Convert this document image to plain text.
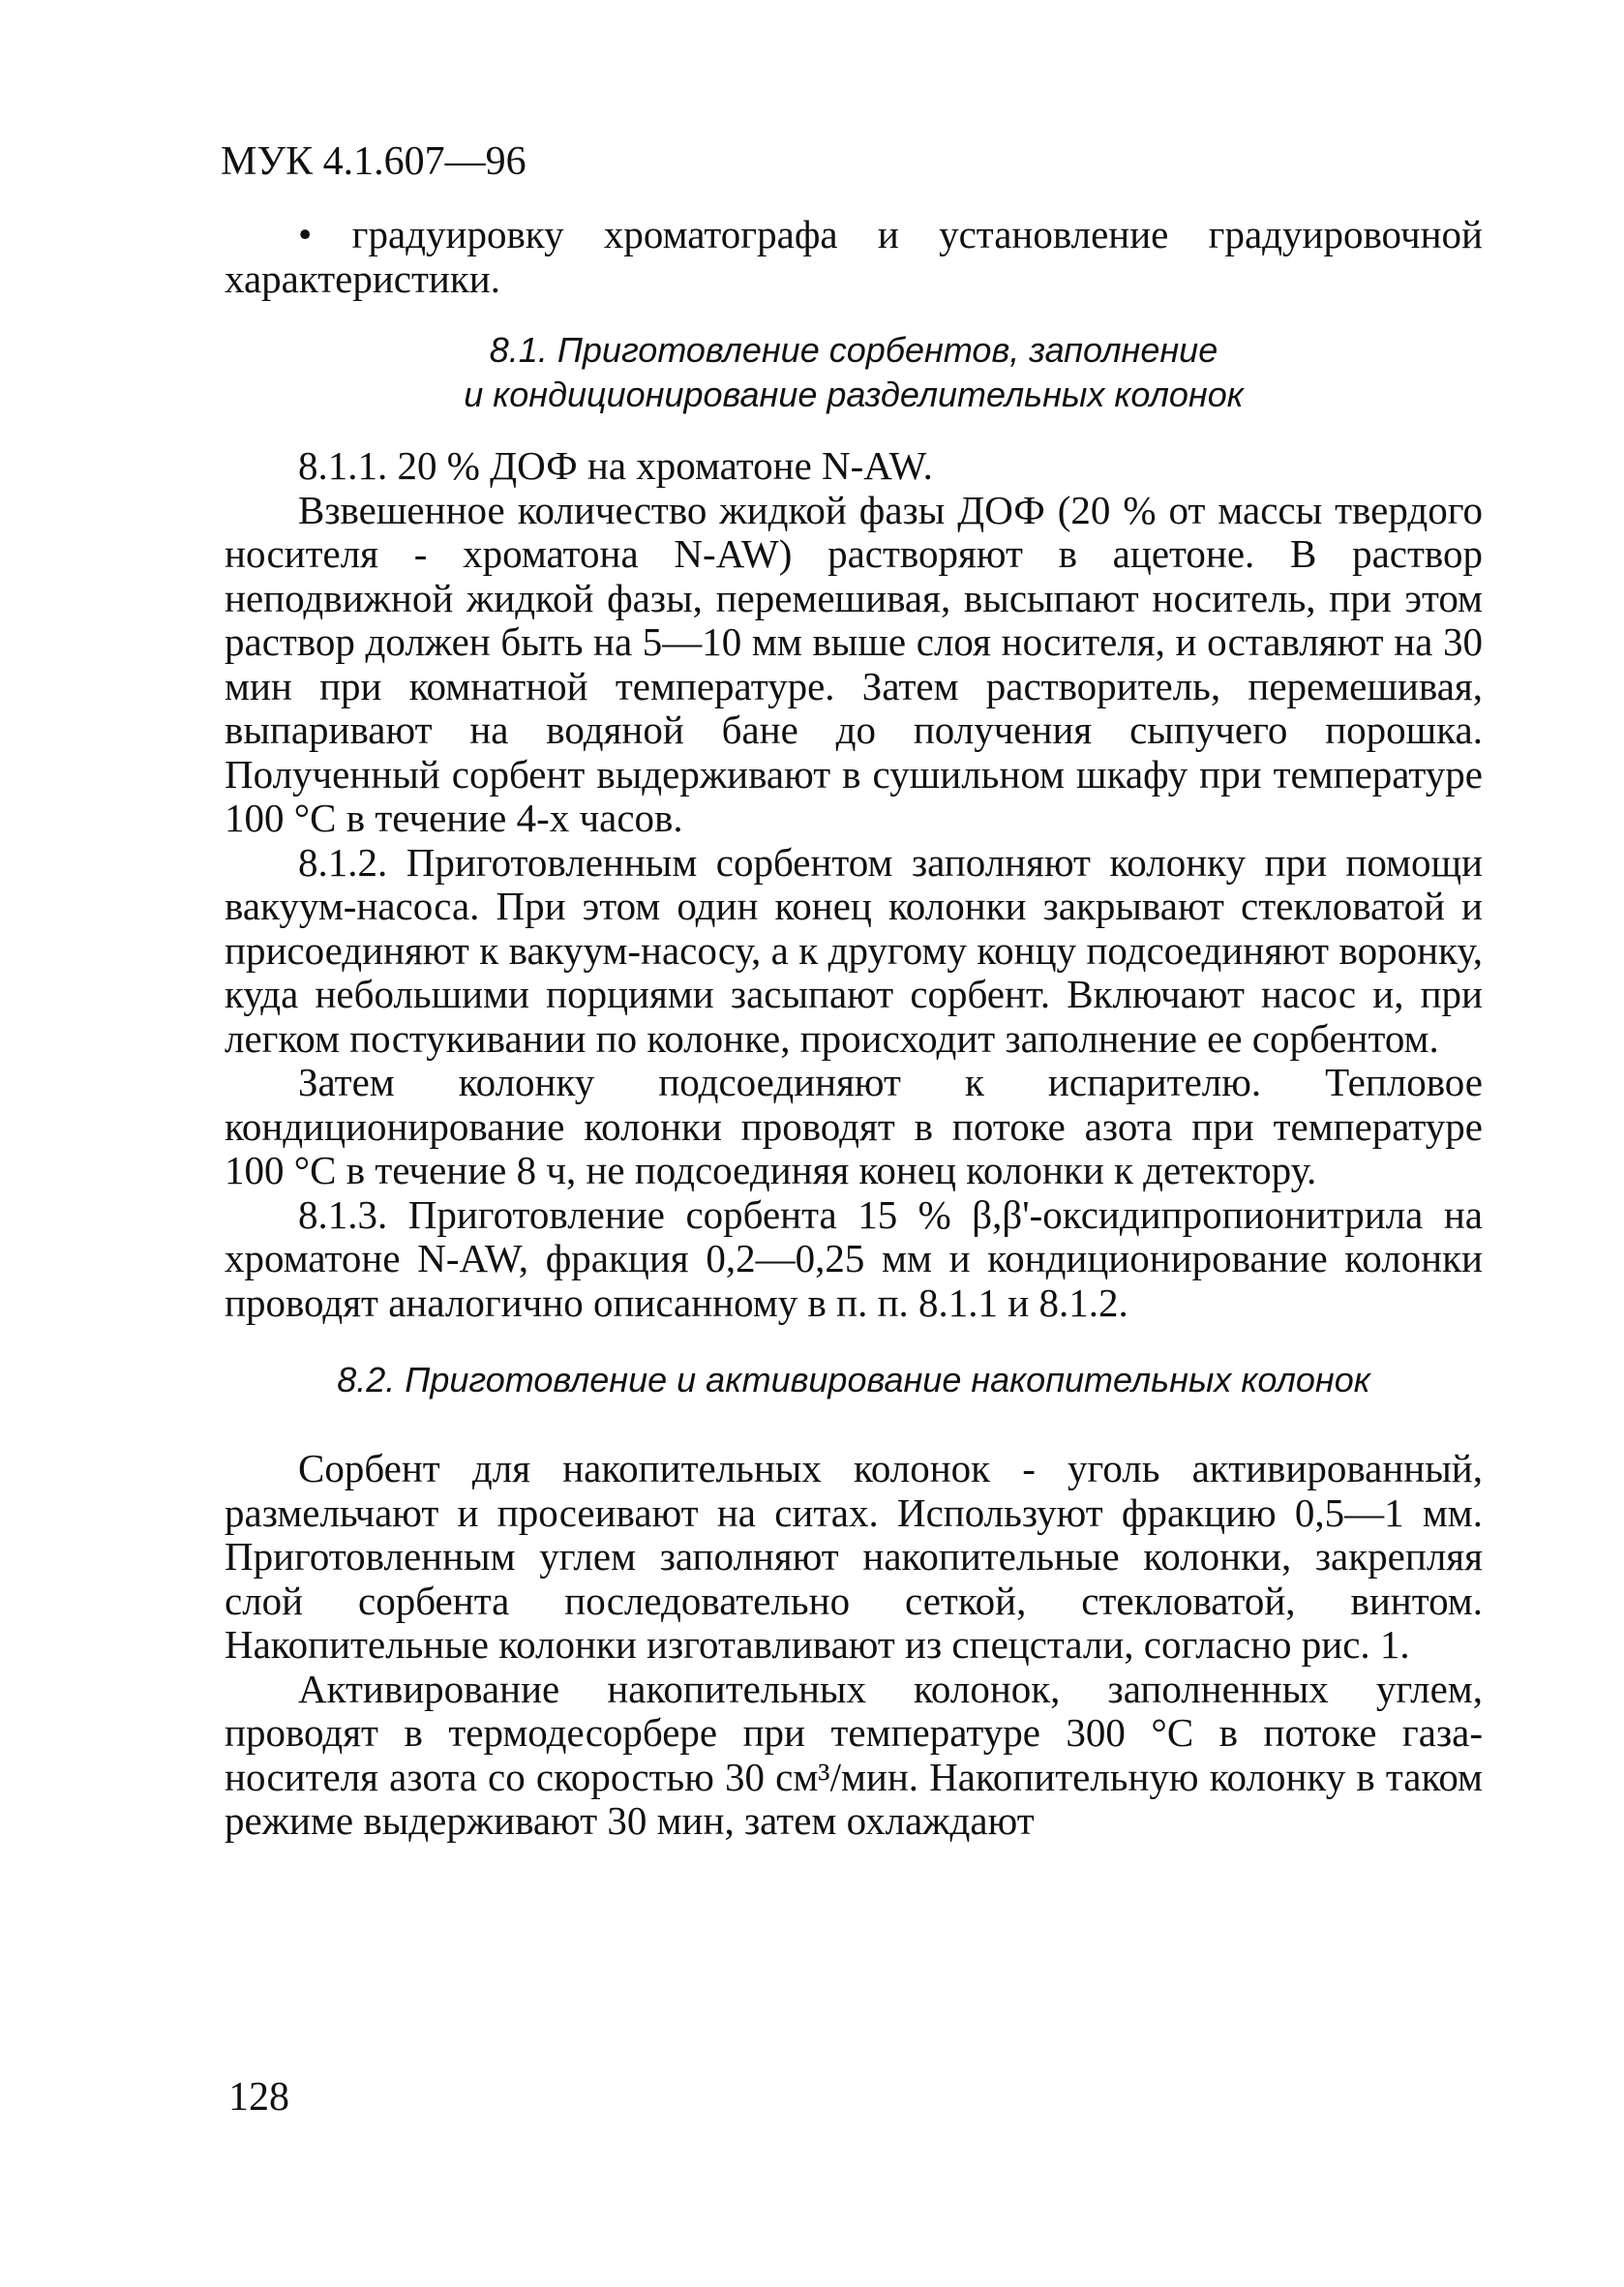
МУК 4.1.607—96

• градуировку хроматографа и установление градуировочной характеристики.

8.1. Приготовление сорбентов, заполнение
и кондиционирование разделительных колонок

8.1.1. 20 % ДОФ на хроматоне N-AW.

Взвешенное количество жидкой фазы ДОФ (20 % от массы твердого носителя - хроматона N-AW) растворяют в ацетоне. В раствор неподвижной жидкой фазы, перемешивая, высыпают носитель, при этом раствор должен быть на 5—10 мм выше слоя носителя, и оставляют на 30 мин при комнатной температуре. Затем растворитель, перемешивая, выпаривают на водяной бане до получения сыпучего порошка. Полученный сорбент выдерживают в сушильном шкафу при температуре 100 °С в течение 4-х часов.

8.1.2. Приготовленным сорбентом заполняют колонку при помощи вакуум-насоса. При этом один конец колонки закрывают стекловатой и присоединяют к вакуум-насосу, а к другому концу подсоединяют воронку, куда небольшими порциями засыпают сорбент. Включают насос и, при легком постукивании по колонке, происходит заполнение ее сорбентом.

Затем колонку подсоединяют к испарителю. Тепловое кондиционирование колонки проводят в потоке азота при температуре 100 °С в течение 8 ч, не подсоединяя конец колонки к детектору.

8.1.3. Приготовление сорбента 15 % β,β'-оксидипропионитрила на хроматоне N-AW, фракция 0,2—0,25 мм и кондиционирование колонки проводят аналогично описанному в п. п. 8.1.1 и 8.1.2.

8.2. Приготовление и активирование накопительных колонок

Сорбент для накопительных колонок - уголь активированный, размельчают и просеивают на ситах. Используют фракцию 0,5—1 мм. Приготовленным углем заполняют накопительные колонки, закрепляя слой сорбента последовательно сеткой, стекловатой, винтом. Накопительные колонки изготавливают из спецстали, согласно рис. 1.

Активирование накопительных колонок, заполненных углем, проводят в термодесорбере при температуре 300 °С в потоке газа-носителя азота со скоростью 30 см³/мин. Накопительную колонку в таком режиме выдерживают 30 мин, затем охлаждают

128
